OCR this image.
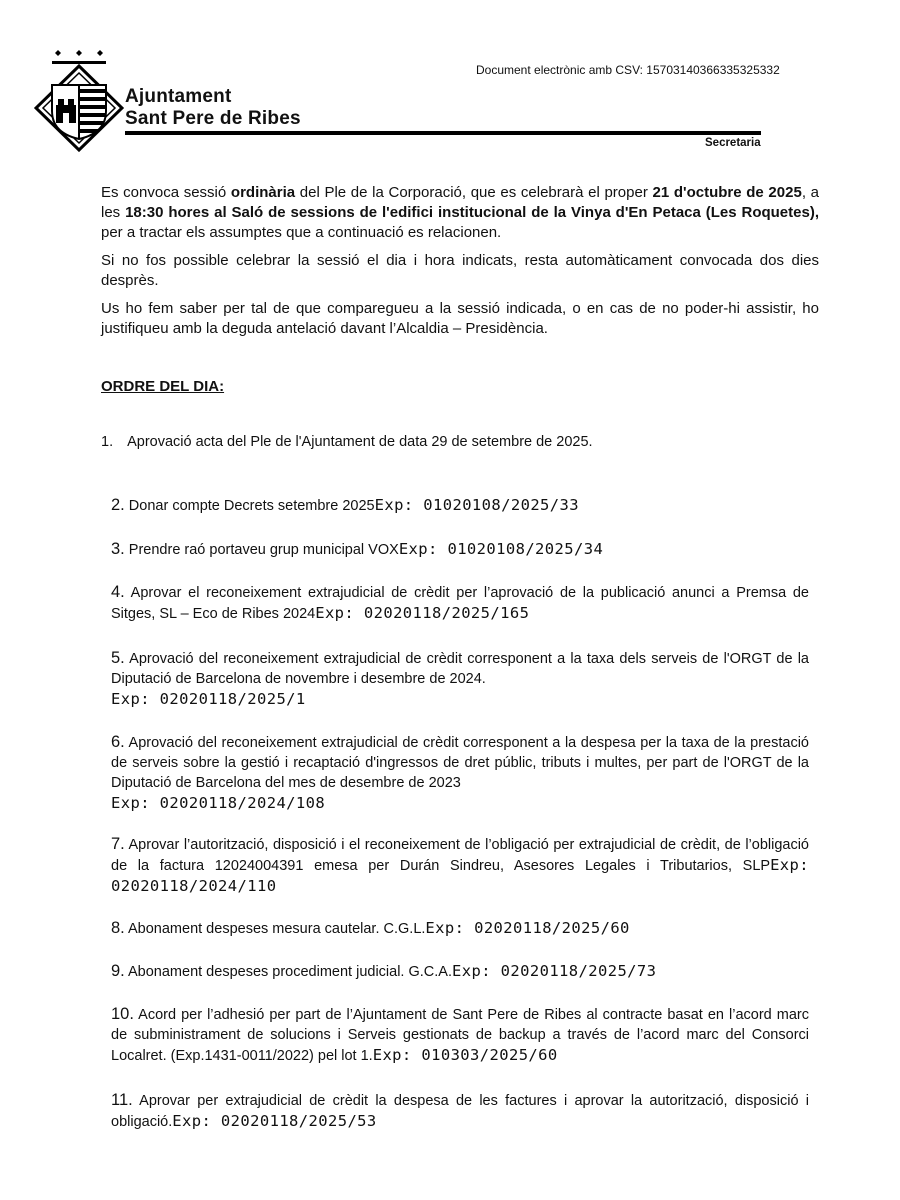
Ajuntament
Sant Pere de Ribes
Document electrònic amb CSV: 15703140366335325332
Secretaria
Es convoca sessió ordinària del Ple de la Corporació, que es celebrarà el proper 21 d'octubre de 2025, a les 18:30 hores al Saló de sessions de l'edifici institucional de la Vinya d'En Petaca (Les Roquetes), per a tractar els assumptes que a continuació es relacionen.
Si no fos possible celebrar la sessió el dia i hora indicats, resta automàticament convocada dos dies desprès.
Us ho fem saber per tal de que compareguеu a la sessió indicada, o en cas de no poder-hi assistir, ho justifiqueu amb la deguda antelació davant l’Alcaldia – Presidència.
ORDRE DEL DIA:
1. Aprovació acta del Ple de l'Ajuntament de data 29 de setembre de 2025.
2. Donar compte Decrets setembre 2025Exp: 01020108/2025/33
3. Prendre raó portaveu grup municipal VOXExp: 01020108/2025/34
4. Aprovar el reconeixement extrajudicial de crèdit per l’aprovació de la publicació anunci a Premsa de Sitges, SL – Eco de Ribes 2024Exp: 02020118/2025/165
5. Aprovació del reconeixement extrajudicial de crèdit corresponent a la taxa dels serveis de l'ORGT de la Diputació de Barcelona de novembre i desembre de 2024.
Exp: 02020118/2025/1
6. Aprovació del reconeixement extrajudicial de crèdit corresponent a la despesa per la taxa de la prestació de serveis sobre la gestió i recaptació d'ingressos de dret públic, tributs i multes, per part de l'ORGT de la Diputació de Barcelona del mes de desembre de 2023
Exp: 02020118/2024/108
7. Aprovar l’autorització, disposició i el reconeixement de l’obligació per extrajudicial de crèdit, de l’obligació de la factura 12024004391 emesa per Durán Sindreu, Asesores Legales i Tributarios, SLPExp: 02020118/2024/110
8. Abonament despeses mesura cautelar. C.G.L.Exp: 02020118/2025/60
9. Abonament despeses procediment judicial. G.C.A.Exp: 02020118/2025/73
10. Acord per l’adhesió per part de l’Ajuntament de Sant Pere de Ribes al contracte basat en l’acord marc de subministrament de solucions i Serveis gestionats de backup a través de l’acord marc del Consorci Localret. (Exp.1431-0011/2022) pel lot 1.Exp: 010303/2025/60
11. Aprovar per extrajudicial de crèdit la despesa de les factures i aprovar la autorització, disposició i obligació.Exp: 02020118/2025/53
